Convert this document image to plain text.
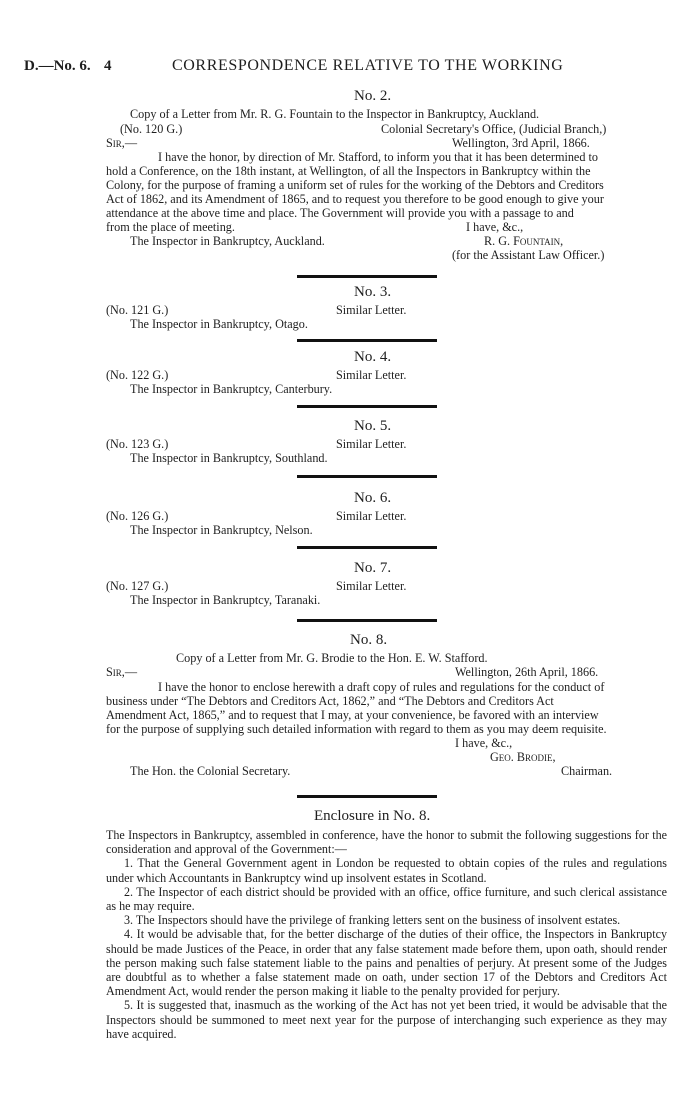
D.—No. 6. 4	CORRESPONDENCE RELATIVE TO THE WORKING
No. 2.
Copy of a Letter from Mr. R. G. Fountain to the Inspector in Bankruptcy, Auckland.
(No. 120 G.)	Colonial Secretary's Office, (Judicial Branch,)
Sir,—	Wellington, 3rd April, 1866.
I have the honor, by direction of Mr. Stafford, to inform you that it has been determined to
hold a Conference, on the 18th instant, at Wellington, of all the Inspectors in Bankruptcy within the
Colony, for the purpose of framing a uniform set of rules for the working of the Debtors and Creditors
Act of 1862, and its Amendment of 1865, and to request you therefore to be good enough to give your
attendance at the above time and place. The Government will provide you with a passage to and
from the place of meeting.	I have, &c.,
The Inspector in Bankruptcy, Auckland.	R. G. Fountain,
(for the Assistant Law Officer.)
No. 3.
(No. 121 G.)	Similar Letter.
The Inspector in Bankruptcy, Otago.
No. 4.
(No. 122 G.)	Similar Letter.
The Inspector in Bankruptcy, Canterbury.
No. 5.
(No. 123 G.)	Similar Letter.
The Inspector in Bankruptcy, Southland.
No. 6.
(No. 126 G.)	Similar Letter.
The Inspector in Bankruptcy, Nelson.
No. 7.
(No. 127 G.)	Similar Letter.
The Inspector in Bankruptcy, Taranaki.
No. 8.
Copy of a Letter from Mr. G. Brodie to the Hon. E. W. Stafford.
Sir,—	Wellington, 26th April, 1866.
I have the honor to enclose herewith a draft copy of rules and regulations for the conduct of
business under “The Debtors and Creditors Act, 1862,” and “The Debtors and Creditors Act
Amendment Act, 1865,” and to request that I may, at your convenience, be favored with an interview
for the purpose of supplying such detailed information with regard to them as you may deem requisite.
I have, &c.,
Geo. Brodie,
The Hon. the Colonial Secretary.	Chairman.
Enclosure in No. 8.

The Inspectors in Bankruptcy, assembled in conference, have the honor to submit the following suggestions for the consideration and approval of the Government:—

1. That the General Government agent in London be requested to obtain copies of the rules and regulations under which Accountants in Bankruptcy wind up insolvent estates in Scotland.

2. The Inspector of each district should be provided with an office, office furniture, and such clerical assistance as he may require.

3. The Inspectors should have the privilege of franking letters sent on the business of insolvent estates.

4. It would be advisable that, for the better discharge of the duties of their office, the Inspectors in Bankruptcy should be made Justices of the Peace, in order that any false statement made before them, upon oath, should render the person making such false statement liable to the pains and penalties of perjury. At present some of the Judges are doubtful as to whether a false statement made on oath, under section 17 of the Debtors and Creditors Act Amendment Act, would render the person making it liable to the penalty provided for perjury.

5. It is suggested that, inasmuch as the working of the Act has not yet been tried, it would be advisable that the Inspectors should be summoned to meet next year for the purpose of interchanging such experience as they may have acquired.
